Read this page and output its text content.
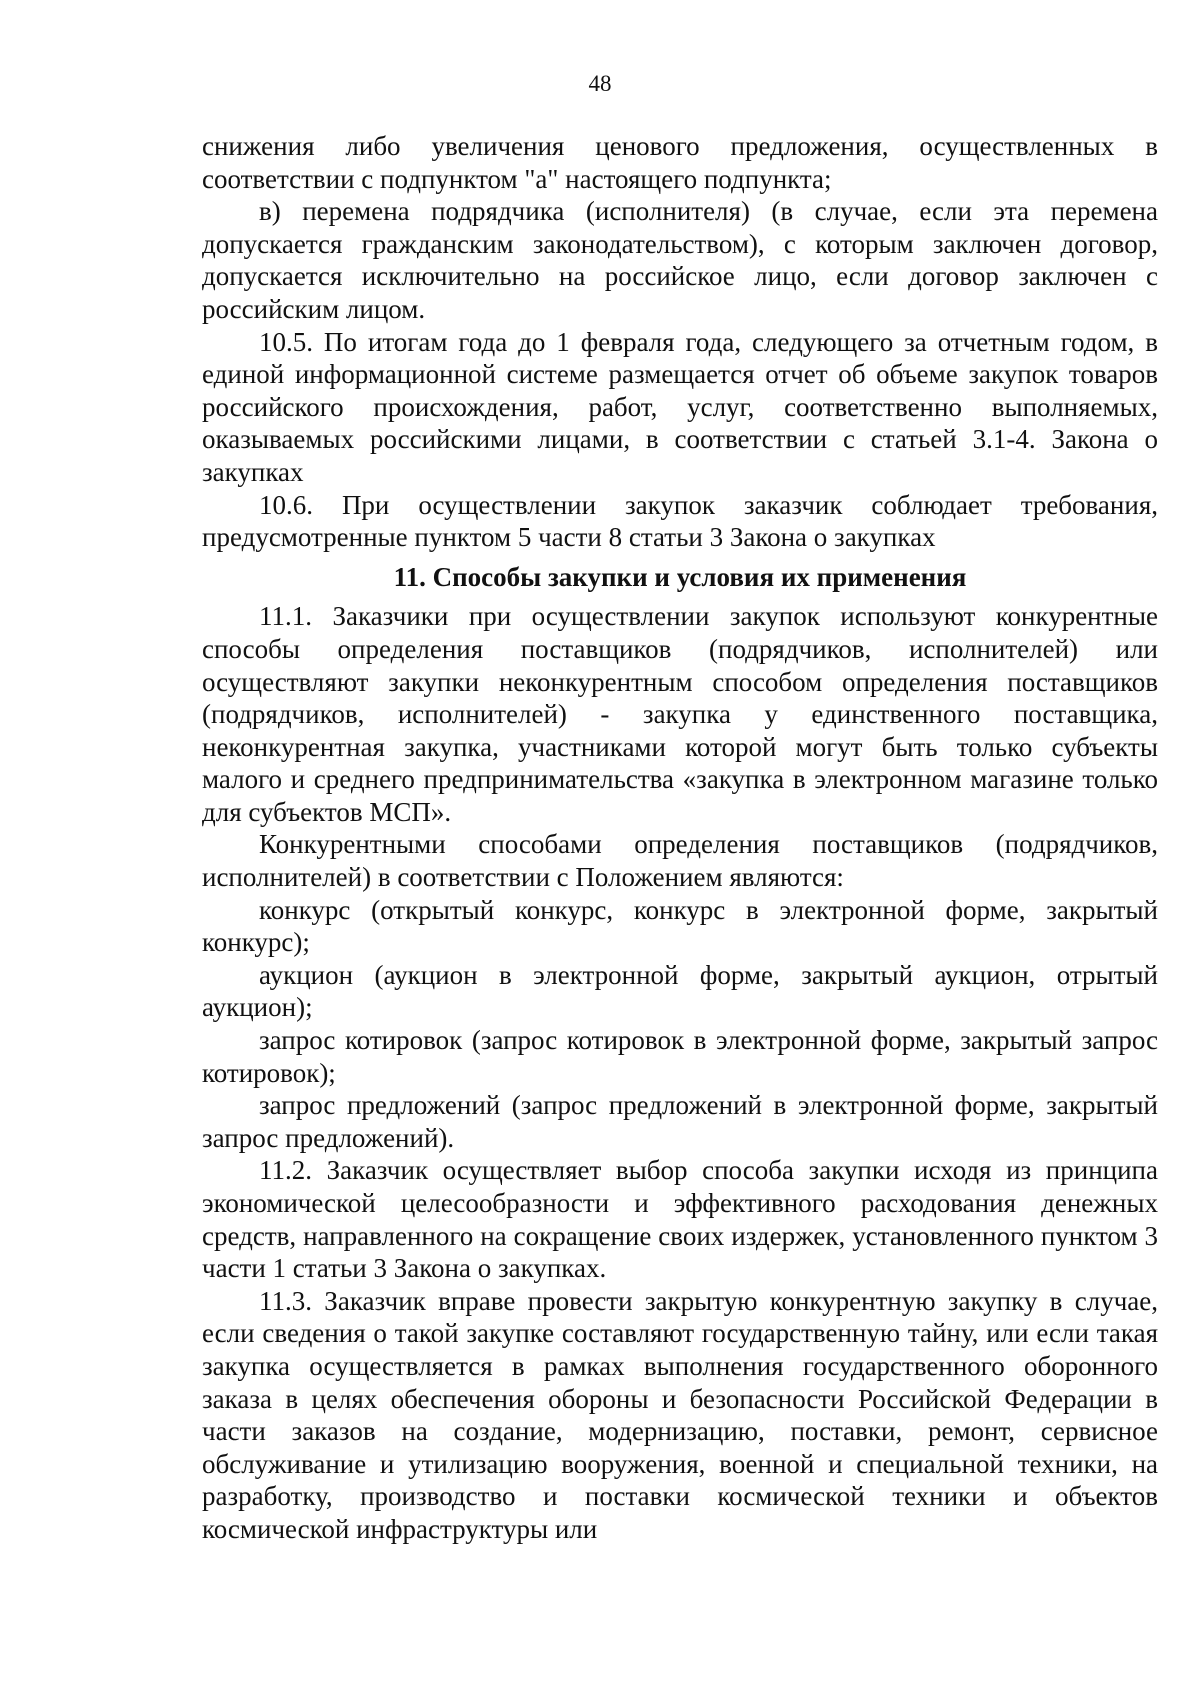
48

снижения либо увеличения ценового предложения, осуществленных в соответствии с подпунктом "а" настоящего подпункта;

в) перемена подрядчика (исполнителя) (в случае, если эта перемена допускается гражданским законодательством), с которым заключен договор, допускается исключительно на российское лицо, если договор заключен с российским лицом.

10.5. По итогам года до 1 февраля года, следующего за отчетным годом, в единой информационной системе размещается отчет об объеме закупок товаров российского происхождения, работ, услуг, соответственно выполняемых, оказываемых российскими лицами, в соответствии с статьей 3.1-4. Закона о закупках

10.6. При осуществлении закупок заказчик соблюдает требования, предусмотренные пунктом 5 части 8 статьи 3 Закона о закупках

11. Способы закупки и условия их применения

11.1. Заказчики при осуществлении закупок используют конкурентные способы определения поставщиков (подрядчиков, исполнителей) или осуществляют закупки неконкурентным способом определения поставщиков (подрядчиков, исполнителей) - закупка у единственного поставщика, неконкурентная закупка, участниками которой могут быть только субъекты малого и среднего предпринимательства «закупка в электронном магазине только для субъектов МСП».

Конкурентными способами определения поставщиков (подрядчиков, исполнителей) в соответствии с Положением являются:

конкурс (открытый конкурс, конкурс в электронной форме, закрытый конкурс);

аукцион (аукцион в электронной форме, закрытый аукцион, отрытый аукцион);

запрос котировок (запрос котировок в электронной форме, закрытый запрос котировок);

запрос предложений (запрос предложений в электронной форме, закрытый запрос предложений).

11.2. Заказчик осуществляет выбор способа закупки исходя из принципа экономической целесообразности и эффективного расходования денежных средств, направленного на сокращение своих издержек, установленного пунктом 3 части 1 статьи 3 Закона о закупках.

11.3. Заказчик вправе провести закрытую конкурентную закупку в случае, если сведения о такой закупке составляют государственную тайну, или если такая закупка осуществляется в рамках выполнения государственного оборонного заказа в целях обеспечения обороны и безопасности Российской Федерации в части заказов на создание, модернизацию, поставки, ремонт, сервисное обслуживание и утилизацию вооружения, военной и специальной техники, на разработку, производство и поставки космической техники и объектов космической инфраструктуры или
